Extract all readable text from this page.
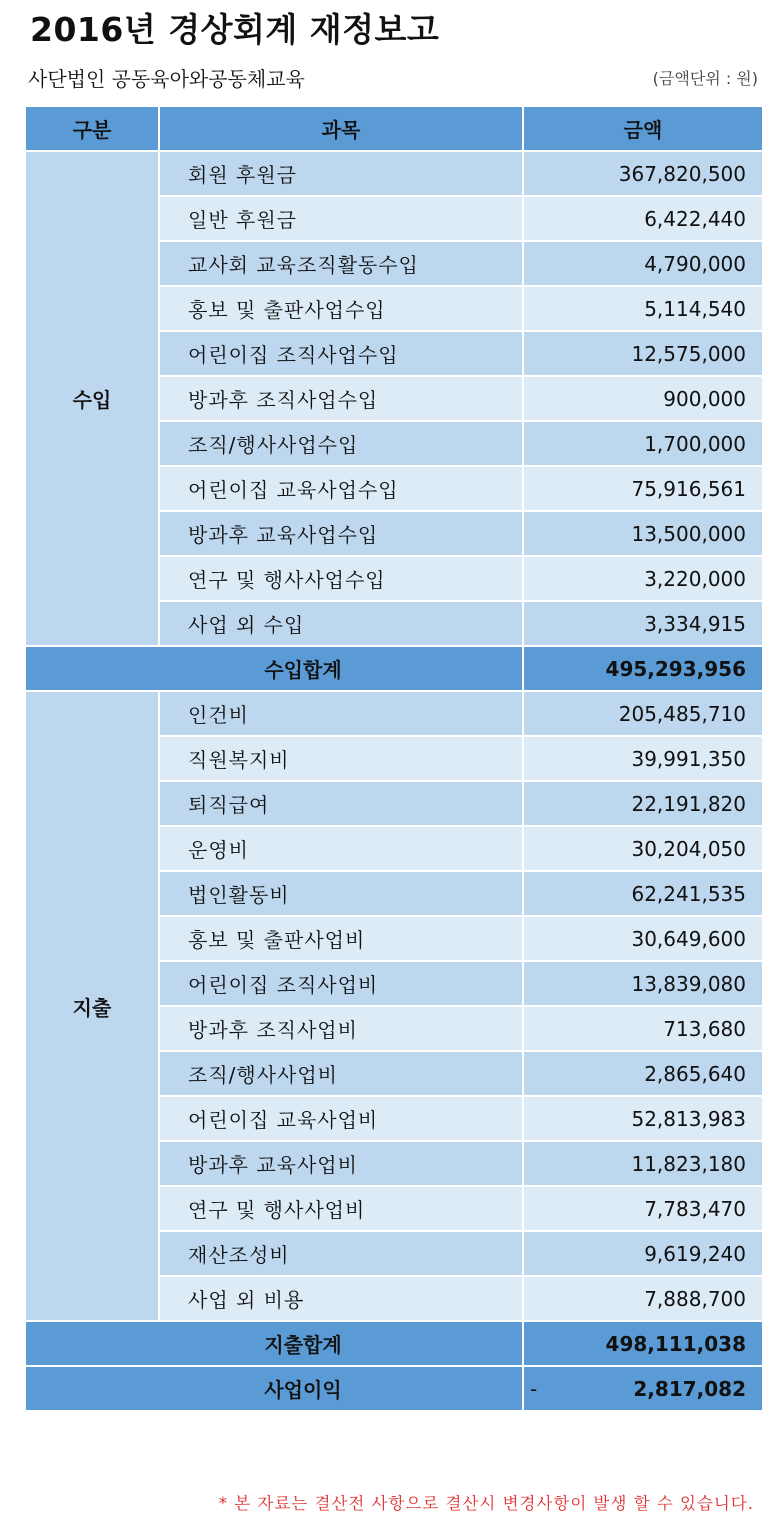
2016년 경상회계 재정보고
사단법인 공동육아와공동체교육	(금액단위 : 원)
구분	과목	금액
수입	회원 후원금	367,820,500
	일반 후원금	6,422,440
	교사회 교육조직활동수입	4,790,000
	홍보 및 출판사업수입	5,114,540
	어린이집 조직사업수입	12,575,000
	방과후 조직사업수입	900,000
	조직/행사사업수입	1,700,000
	어린이집 교육사업수입	75,916,561
	방과후 교육사업수입	13,500,000
	연구 및 행사사업수입	3,220,000
	사업 외 수입	3,334,915
수입합계		495,293,956
지출	인건비	205,485,710
	직원복지비	39,991,350
	퇴직급여	22,191,820
	운영비	30,204,050
	법인활동비	62,241,535
	홍보 및 출판사업비	30,649,600
	어린이집 조직사업비	13,839,080
	방과후 조직사업비	713,680
	조직/행사사업비	2,865,640
	어린이집 교육사업비	52,813,983
	방과후 교육사업비	11,823,180
	연구 및 행사사업비	7,783,470
	재산조성비	9,619,240
	사업 외 비용	7,888,700
지출합계		498,111,038
사업이익		- 2,817,082
* 본 자료는 결산전 사항으로 결산시 변경사항이 발생 할 수 있습니다.
